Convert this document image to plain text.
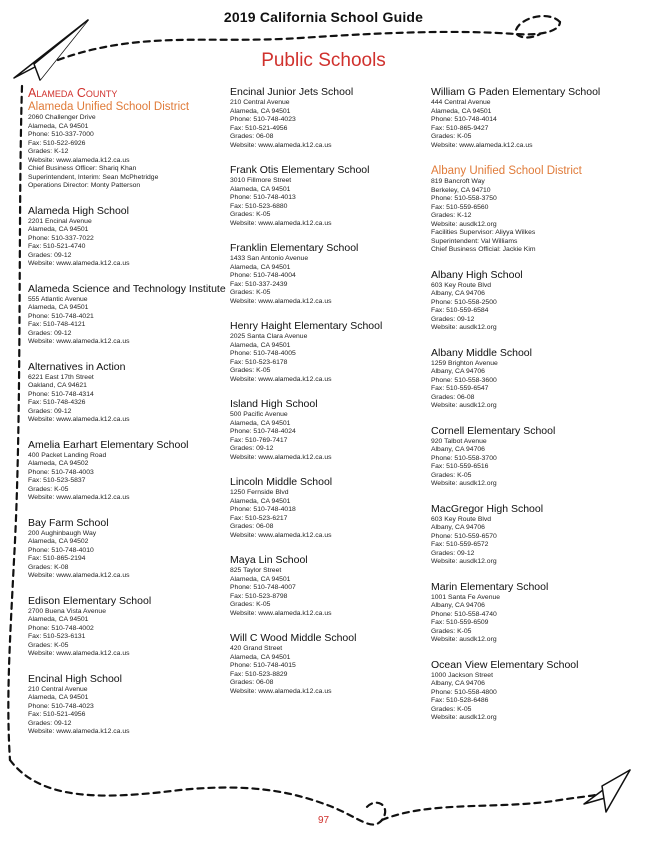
2019 California School Guide
Public Schools
Alameda County
Alameda Unified School District
2060 Challenger Drive
Alameda, CA 94501
Phone: 510-337-7000
Fax: 510-522-6926
Grades: K-12
Website: www.alameda.k12.ca.us
Chief Business Officer: Shariq Khan
Superintendent, Interim: Sean McPhetridge
Operations Director: Monty Patterson
Alameda High School
2201 Encinal Avenue
Alameda, CA 94501
Phone: 510-337-7022
Fax: 510-521-4740
Grades: 09-12
Website: www.alameda.k12.ca.us
Alameda Science and Technology Institute
555 Atlantic Avenue
Alameda, CA 94501
Phone: 510-748-4021
Fax: 510-748-4121
Grades: 09-12
Website: www.alameda.k12.ca.us
Alternatives in Action
6221 East 17th Street
Oakland, CA 94621
Phone: 510-748-4314
Fax: 510-748-4326
Grades: 09-12
Website: www.alameda.k12.ca.us
Amelia Earhart Elementary School
400 Packet Landing Road
Alameda, CA 94502
Phone: 510-748-4003
Fax: 510-523-5837
Grades: K-05
Website: www.alameda.k12.ca.us
Bay Farm School
200 Aughinbaugh Way
Alameda, CA 94502
Phone: 510-748-4010
Fax: 510-865-2194
Grades: K-08
Website: www.alameda.k12.ca.us
Edison Elementary School
2700 Buena Vista Avenue
Alameda, CA 94501
Phone: 510-748-4002
Fax: 510-523-6131
Grades: K-05
Website: www.alameda.k12.ca.us
Encinal High School
210 Central Avenue
Alameda, CA 94501
Phone: 510-748-4023
Fax: 510-521-4956
Grades: 09-12
Website: www.alameda.k12.ca.us
Encinal Junior Jets School
210 Central Avenue
Alameda, CA 94501
Phone: 510-748-4023
Fax: 510-521-4956
Grades: 06-08
Website: www.alameda.k12.ca.us
Frank Otis Elementary School
3010 Fillmore Street
Alameda, CA 94501
Phone: 510-748-4013
Fax: 510-523-6880
Grades: K-05
Website: www.alameda.k12.ca.us
Franklin Elementary School
1433 San Antonio Avenue
Alameda, CA 94501
Phone: 510-748-4004
Fax: 510-337-2439
Grades: K-05
Website: www.alameda.k12.ca.us
Henry Haight Elementary School
2025 Santa Clara Avenue
Alameda, CA 94501
Phone: 510-748-4005
Fax: 510-523-6178
Grades: K-05
Website: www.alameda.k12.ca.us
Island High School
500 Pacific Avenue
Alameda, CA 94501
Phone: 510-748-4024
Fax: 510-769-7417
Grades: 09-12
Website: www.alameda.k12.ca.us
Lincoln Middle School
1250 Fernside Blvd
Alameda, CA 94501
Phone: 510-748-4018
Fax: 510-523-6217
Grades: 06-08
Website: www.alameda.k12.ca.us
Maya Lin School
825 Taylor Street
Alameda, CA 94501
Phone: 510-748-4007
Fax: 510-523-8798
Grades: K-05
Website: www.alameda.k12.ca.us
Will C Wood Middle School
420 Grand Street
Alameda, CA 94501
Phone: 510-748-4015
Fax: 510-523-8829
Grades: 06-08
Website: www.alameda.k12.ca.us
William G Paden Elementary School
444 Central Avenue
Alameda, CA 94501
Phone: 510-748-4014
Fax: 510-865-9427
Grades: K-05
Website: www.alameda.k12.ca.us
Albany Unified School District
819 Bancroft Way
Berkeley, CA 94710
Phone: 510-558-3750
Fax: 510-559-6560
Grades: K-12
Website: ausdk12.org
Facilities Supervisor: Aliyya Wilkes
Superintendent: Val Williams
Chief Business Official: Jackie Kim
Albany High School
603 Key Route Blvd
Albany, CA 94706
Phone: 510-558-2500
Fax: 510-559-6584
Grades: 09-12
Website: ausdk12.org
Albany Middle School
1259 Brighton Avenue
Albany, CA 94706
Phone: 510-558-3600
Fax: 510-559-6547
Grades: 06-08
Website: ausdk12.org
Cornell Elementary School
920 Talbot Avenue
Albany, CA 94706
Phone: 510-558-3700
Fax: 510-559-6516
Grades: K-05
Website: ausdk12.org
MacGregor High School
603 Key Route Blvd
Albany, CA 94706
Phone: 510-559-6570
Fax: 510-559-6572
Grades: 09-12
Website: ausdk12.org
Marin Elementary School
1001 Santa Fe Avenue
Albany, CA 94706
Phone: 510-558-4740
Fax: 510-559-6509
Grades: K-05
Website: ausdk12.org
Ocean View Elementary School
1000 Jackson Street
Albany, CA 94706
Phone: 510-558-4800
Fax: 510-528-6486
Grades: K-05
Website: ausdk12.org
97
